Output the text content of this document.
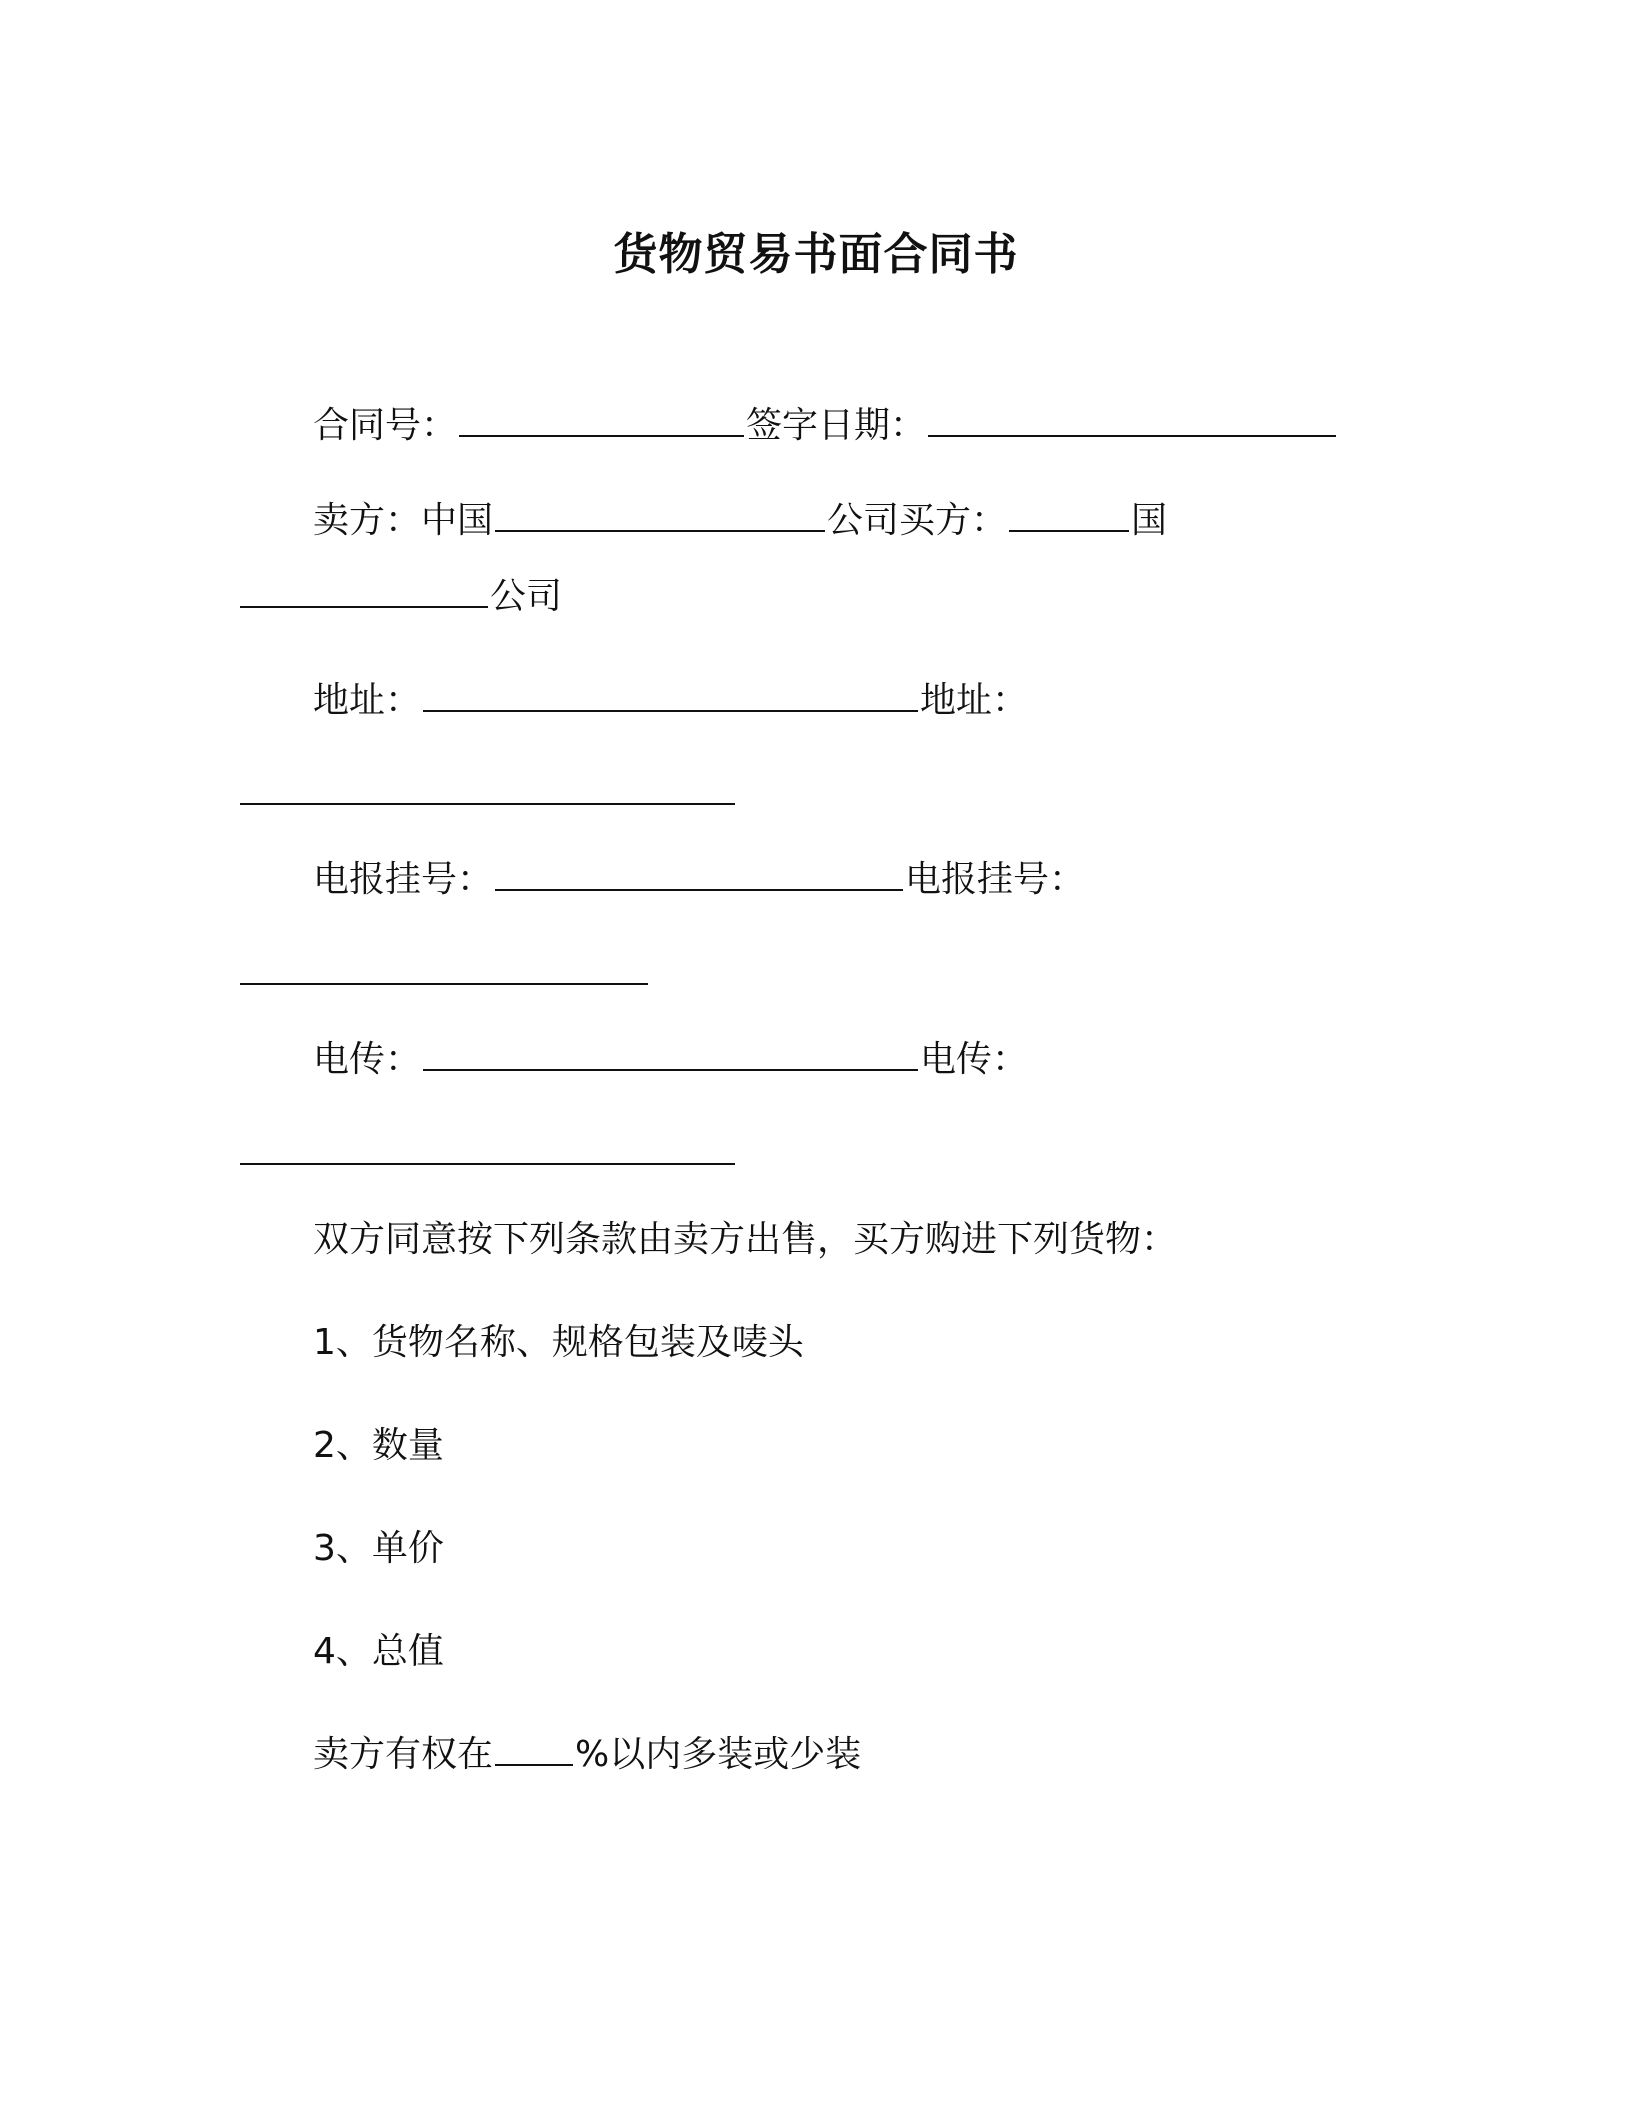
货物贸易书面合同书
合同号：	签字日期：
卖方：中国	公司买方：	国
公司
地址：	地址：
电报挂号：	电报挂号：
电传：	电传：
双方同意按下列条款由卖方出售，买方购进下列货物：
1、货物名称、规格包装及唛头
2、数量
3、单价
4、总值
卖方有权在 %以内多装或少装
